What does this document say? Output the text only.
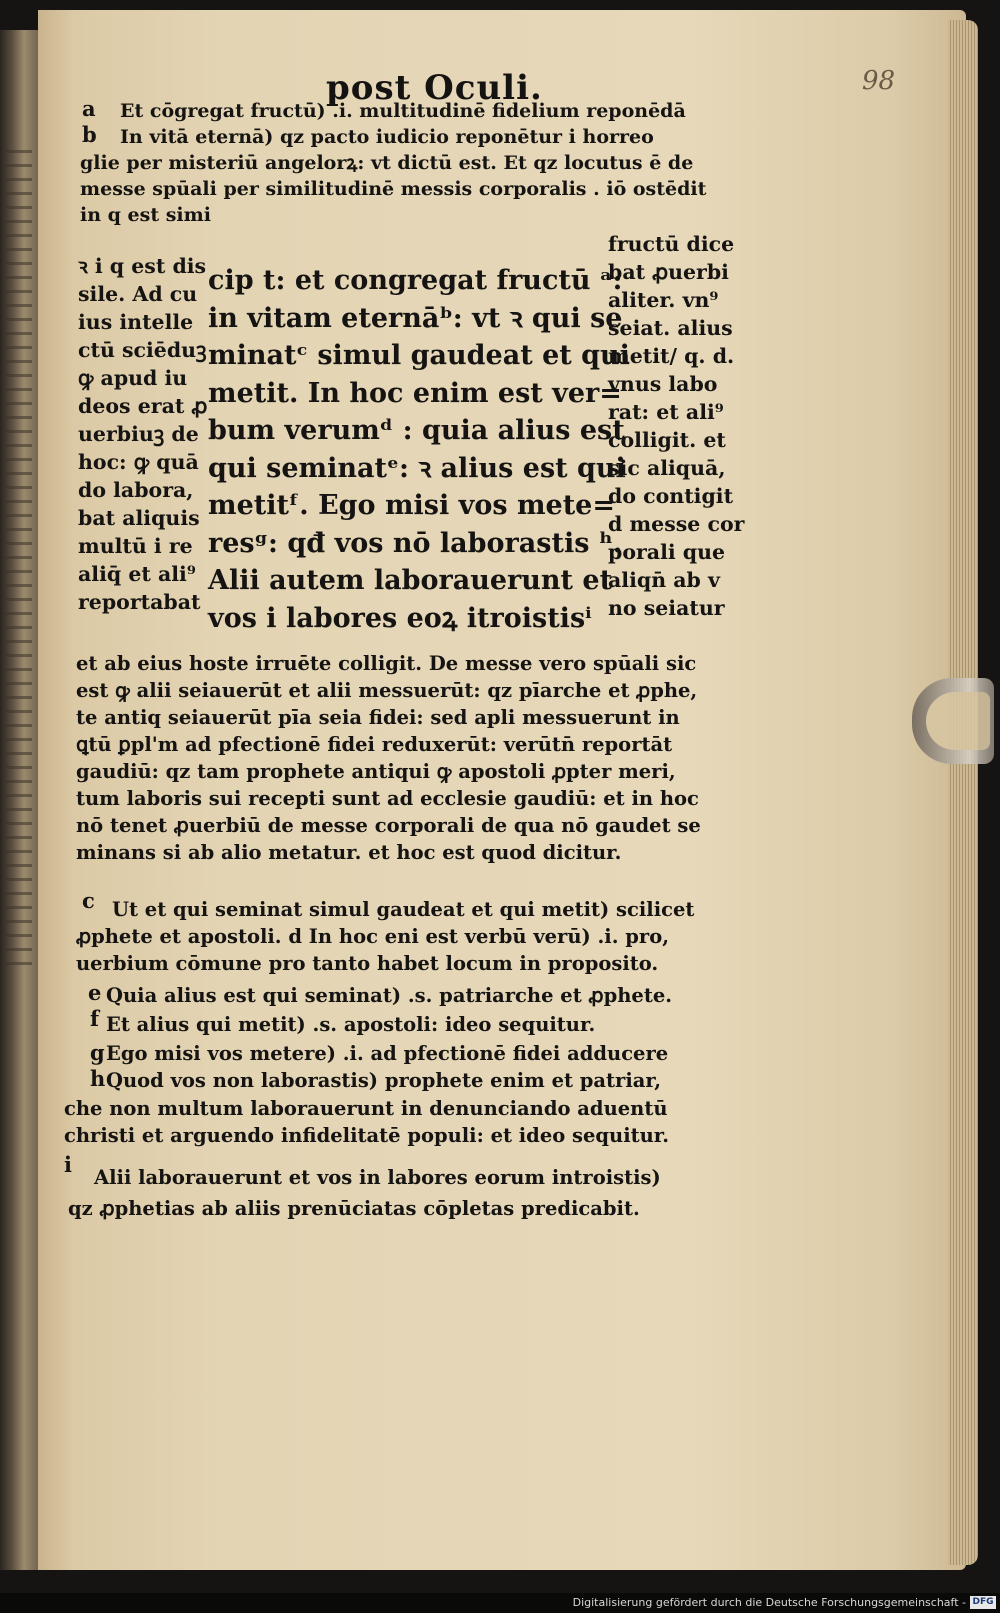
98
post Oculi.
a
b
Et cōgregat fructū) .i. multitudinē fidelium reponēdā
In vitā eternā) qz pacto iudicio reponētur i horreo
glie per misteriū angelorꝝ: vt dictū est. Et qz locutus ē de
messe spūali per similitudinē messis corporalis . iō ostēdit
in q est simi
ꝛ i q est dis
sile. Ad cu
ius intelle
ctū sciēduꝫ
ꝙ apud iu
deos erat ꝓ
uerbiuꝫ de
hoc: ꝙ quā
do labora,
bat aliquis
multū i re
aliq̄ et ali⁹
reportabat
cip t: et congregat fructū ᵃ:
in vitam eternāᵇ: vt ꝛ qui se
minatᶜ simul gaudeat et qui
metit. In hoc enim est ver=
bum verumᵈ : quia alius est
qui seminatᵉ: ꝛ alius est qui
metitᶠ. Ego misi vos mete=
resᵍ: qđ vos nō laborastis ʰ.
Alii autem laborauerunt et
vos i labores eoꝝ itroistisⁱ
fructū dice
bat ꝓuerbi
aliter. vn⁹
seiat. alius
metit/ q. d.
vnus labo
rat: et ali⁹
colligit. et
sic aliquā,
do contigit
d messe cor
porali que
aliqn̄ ab v
no seiatur
et ab eius hoste irruēte colligit. De messe vero spūali sic
est ꝙ alii seiauerūt et alii messuerūt: qz pīarche et ꝓphe,
te antiq seiauerūt pīa seia fidei: sed apli messuerunt in
ꝗtū ꝑpl'm ad pfectionē fidei reduxerūt: verūtn̄ reportāt
gaudiū: qz tam prophete antiqui ꝙ apostoli ꝓpter meri,
tum laboris sui recepti sunt ad ecclesie gaudiū: et in hoc
nō tenet ꝓuerbiū de messe corporali de qua nō gaudet se
minans si ab alio metatur. et hoc est quod dicitur.
c Ut et qui seminat simul gaudeat et qui metit) scilicet
ꝓphete et apostoli. d In hoc eni est verbū verū) .i. pro,
uerbium cōmune pro tanto habet locum in proposito.
e Quia alius est qui seminat) .s. patriarche et ꝓphete.
f Et alius qui metit) .s. apostoli: ideo sequitur.
g Ego misi vos metere) .i. ad pfectionē fidei adducere
h Quod vos non laborastis) prophete enim et patriar,
che non multum laborauerunt in denunciando aduentū
christi et arguendo infidelitatē populi: et ideo sequitur.
i
Alii laborauerunt et vos in labores eorum introistis)
qz ꝓphetias ab aliis prenūciatas cōpletas predicabit.
Digitalisierung gefördert durch die Deutsche Forschungsgemeinschaft - DFG
